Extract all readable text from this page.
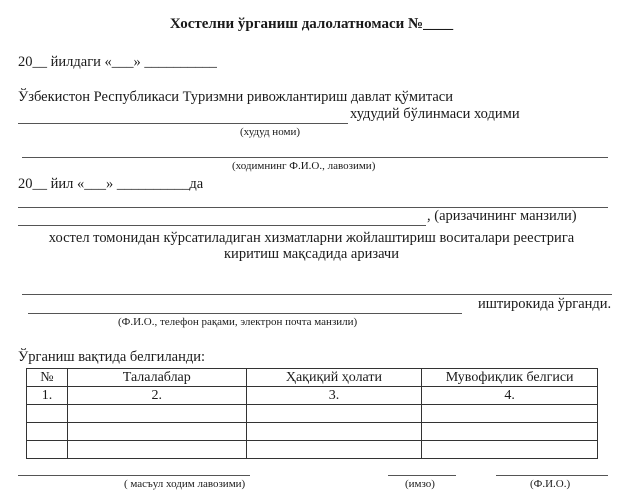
Хостелни ўрганиш далолатномаси №____
20__ йилдаги «___» __________
Ўзбекистон Республикаси Туризмни ривожлантириш давлат қўмитаси
худудий бўлинмаси ходими
(худуд номи)
(ходимнинг Ф.И.О., лавозими)
20__ йил «___» __________да
, (аризачининг манзили)
хостел томонидан кўрсатиладиган хизматларни жойлаштириш воситалари реестрига
киритиш мақсадида аризачи
иштирокида ўрганди.
(Ф.И.О., телефон рақами, электрон почта манзили)
Ўрганиш вақтида белгиланди:
№	Талалаблар	Ҳақиқий ҳолати	Мувофиқлик белгиси
1.	2.	3.	4.

( масъул ходим лавозими)	(имзо)	(Ф.И.О.)
